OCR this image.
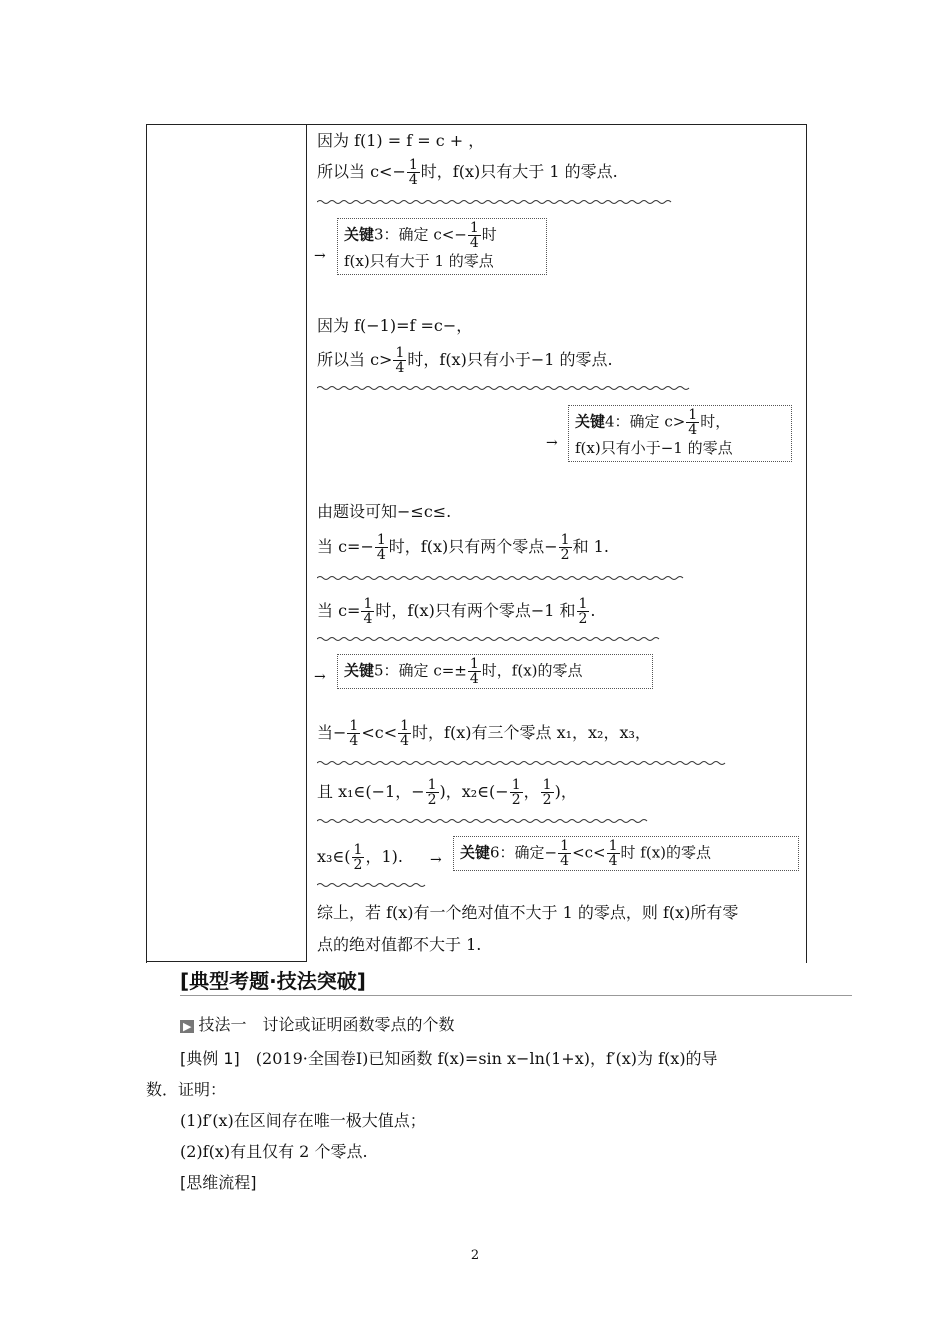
因为 f(1) = f = c + ，
所以当 $c<- \frac{1}{4}$ 时，f(x)只有大于 1 的零点.
→
关键3：确定 $c<- \frac{1}{4}$ 时
f(x)只有大于 1 的零点
因为 f(−1)=f =c−，
所以当 $c> \frac{1}{4}$ 时，f(x)只有小于−1 的零点.
→
关键4：确定 $c> \frac{1}{4}$ 时，
f(x)只有小于−1 的零点
由题设可知−≤c≤.
当 $c=- \frac{1}{4}$ 时，f(x)只有两个零点− $\frac{1}{2}$ 和 1.
当 $c= \frac{1}{4}$ 时，f(x)只有两个零点−1 和 $\frac{1}{2}$ .
→ 关键5：确定 $c=\pm \frac{1}{4}$ 时，f(x)的零点
当− $\frac{1}{4} <c< \frac{1}{4}$ 时，f(x)有三个零点 x₁，x₂，x₃，
且 x₁∈(−1，− $\frac{1}{2}$ )，x₂∈(− $\frac{1}{2}$ ， $\frac{1}{2}$ )，
x₃∈( $\frac{1}{2}$ ，1). → 关键6：确定− $\frac{1}{4} <c< \frac{1}{4}$ 时 f(x)的零点
综上，若 f(x)有一个绝对值不大于 1 的零点，则 f(x)所有零
点的绝对值都不大于 1.
[典型考题·技法突破]
▶ 技法一　讨论或证明函数零点的个数
[典例 1]　 (2019·全国卷Ⅰ)已知函数 f(x)=sin x−ln(1+x)，f′(x)为 f(x)的导
数．证明：
(1)f′(x)在区间存在唯一极大值点；
(2)f(x)有且仅有 2 个零点.
[思维流程]
2
